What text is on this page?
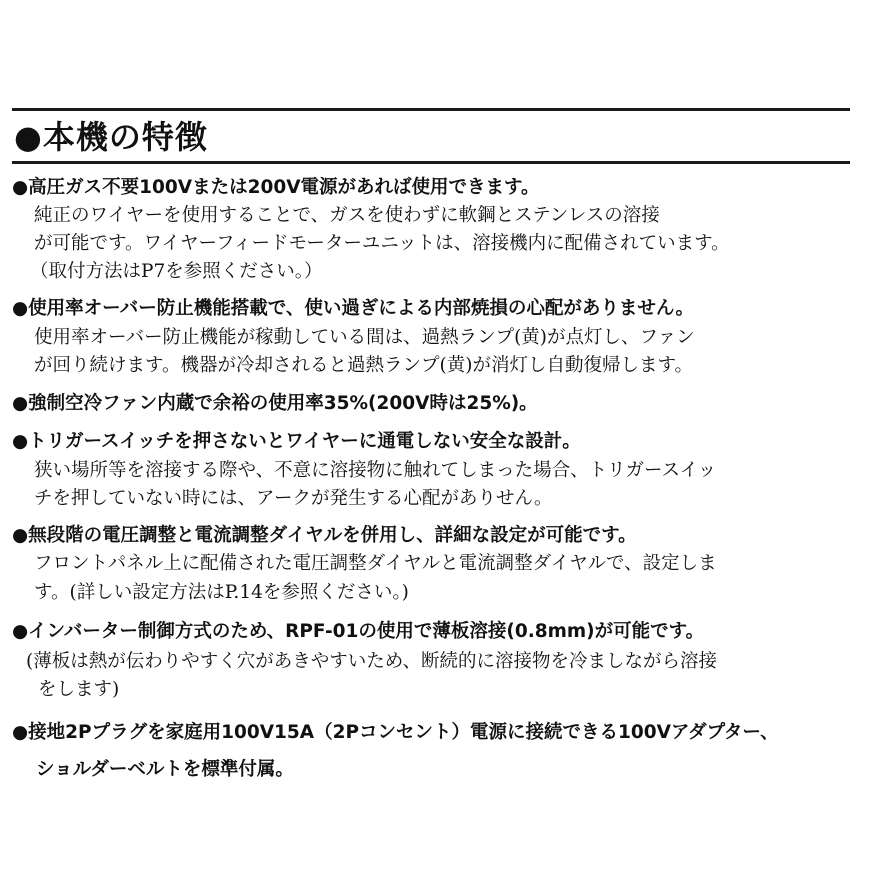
●本機の特徴
●高圧ガス不要100Vまたは200V電源があれば使用できます。
純正のワイヤーを使用することで、ガスを使わずに軟鋼とステンレスの溶接
が可能です。ワイヤーフィードモーターユニットは、溶接機内に配備されています。
（取付方法はP7を参照ください。）
●使用率オーバー防止機能搭載で、使い過ぎによる内部焼損の心配がありません。
使用率オーバー防止機能が稼動している間は、過熱ランプ(黄)が点灯し、ファン
が回り続けます。機器が冷却されると過熱ランプ(黄)が消灯し自動復帰します。
●強制空冷ファン内蔵で余裕の使用率35%(200V時は25%)。
●トリガースイッチを押さないとワイヤーに通電しない安全な設計。
狭い場所等を溶接する際や、不意に溶接物に触れてしまった場合、トリガースイッ
チを押していない時には、アークが発生する心配がありせん。
●無段階の電圧調整と電流調整ダイヤルを併用し、詳細な設定が可能です。
フロントパネル上に配備された電圧調整ダイヤルと電流調整ダイヤルで、設定しま
す。(詳しい設定方法はP.14を参照ください。)
●インバーター制御方式のため、RPF-01の使用で薄板溶接(0.8mm)が可能です。
(薄板は熱が伝わりやすく穴があきやすいため、断続的に溶接物を冷ましながら溶接
をします)
●接地2Pプラグを家庭用100V15A（2Pコンセント）電源に接続できる100Vアダプター、
ショルダーベルトを標準付属。
